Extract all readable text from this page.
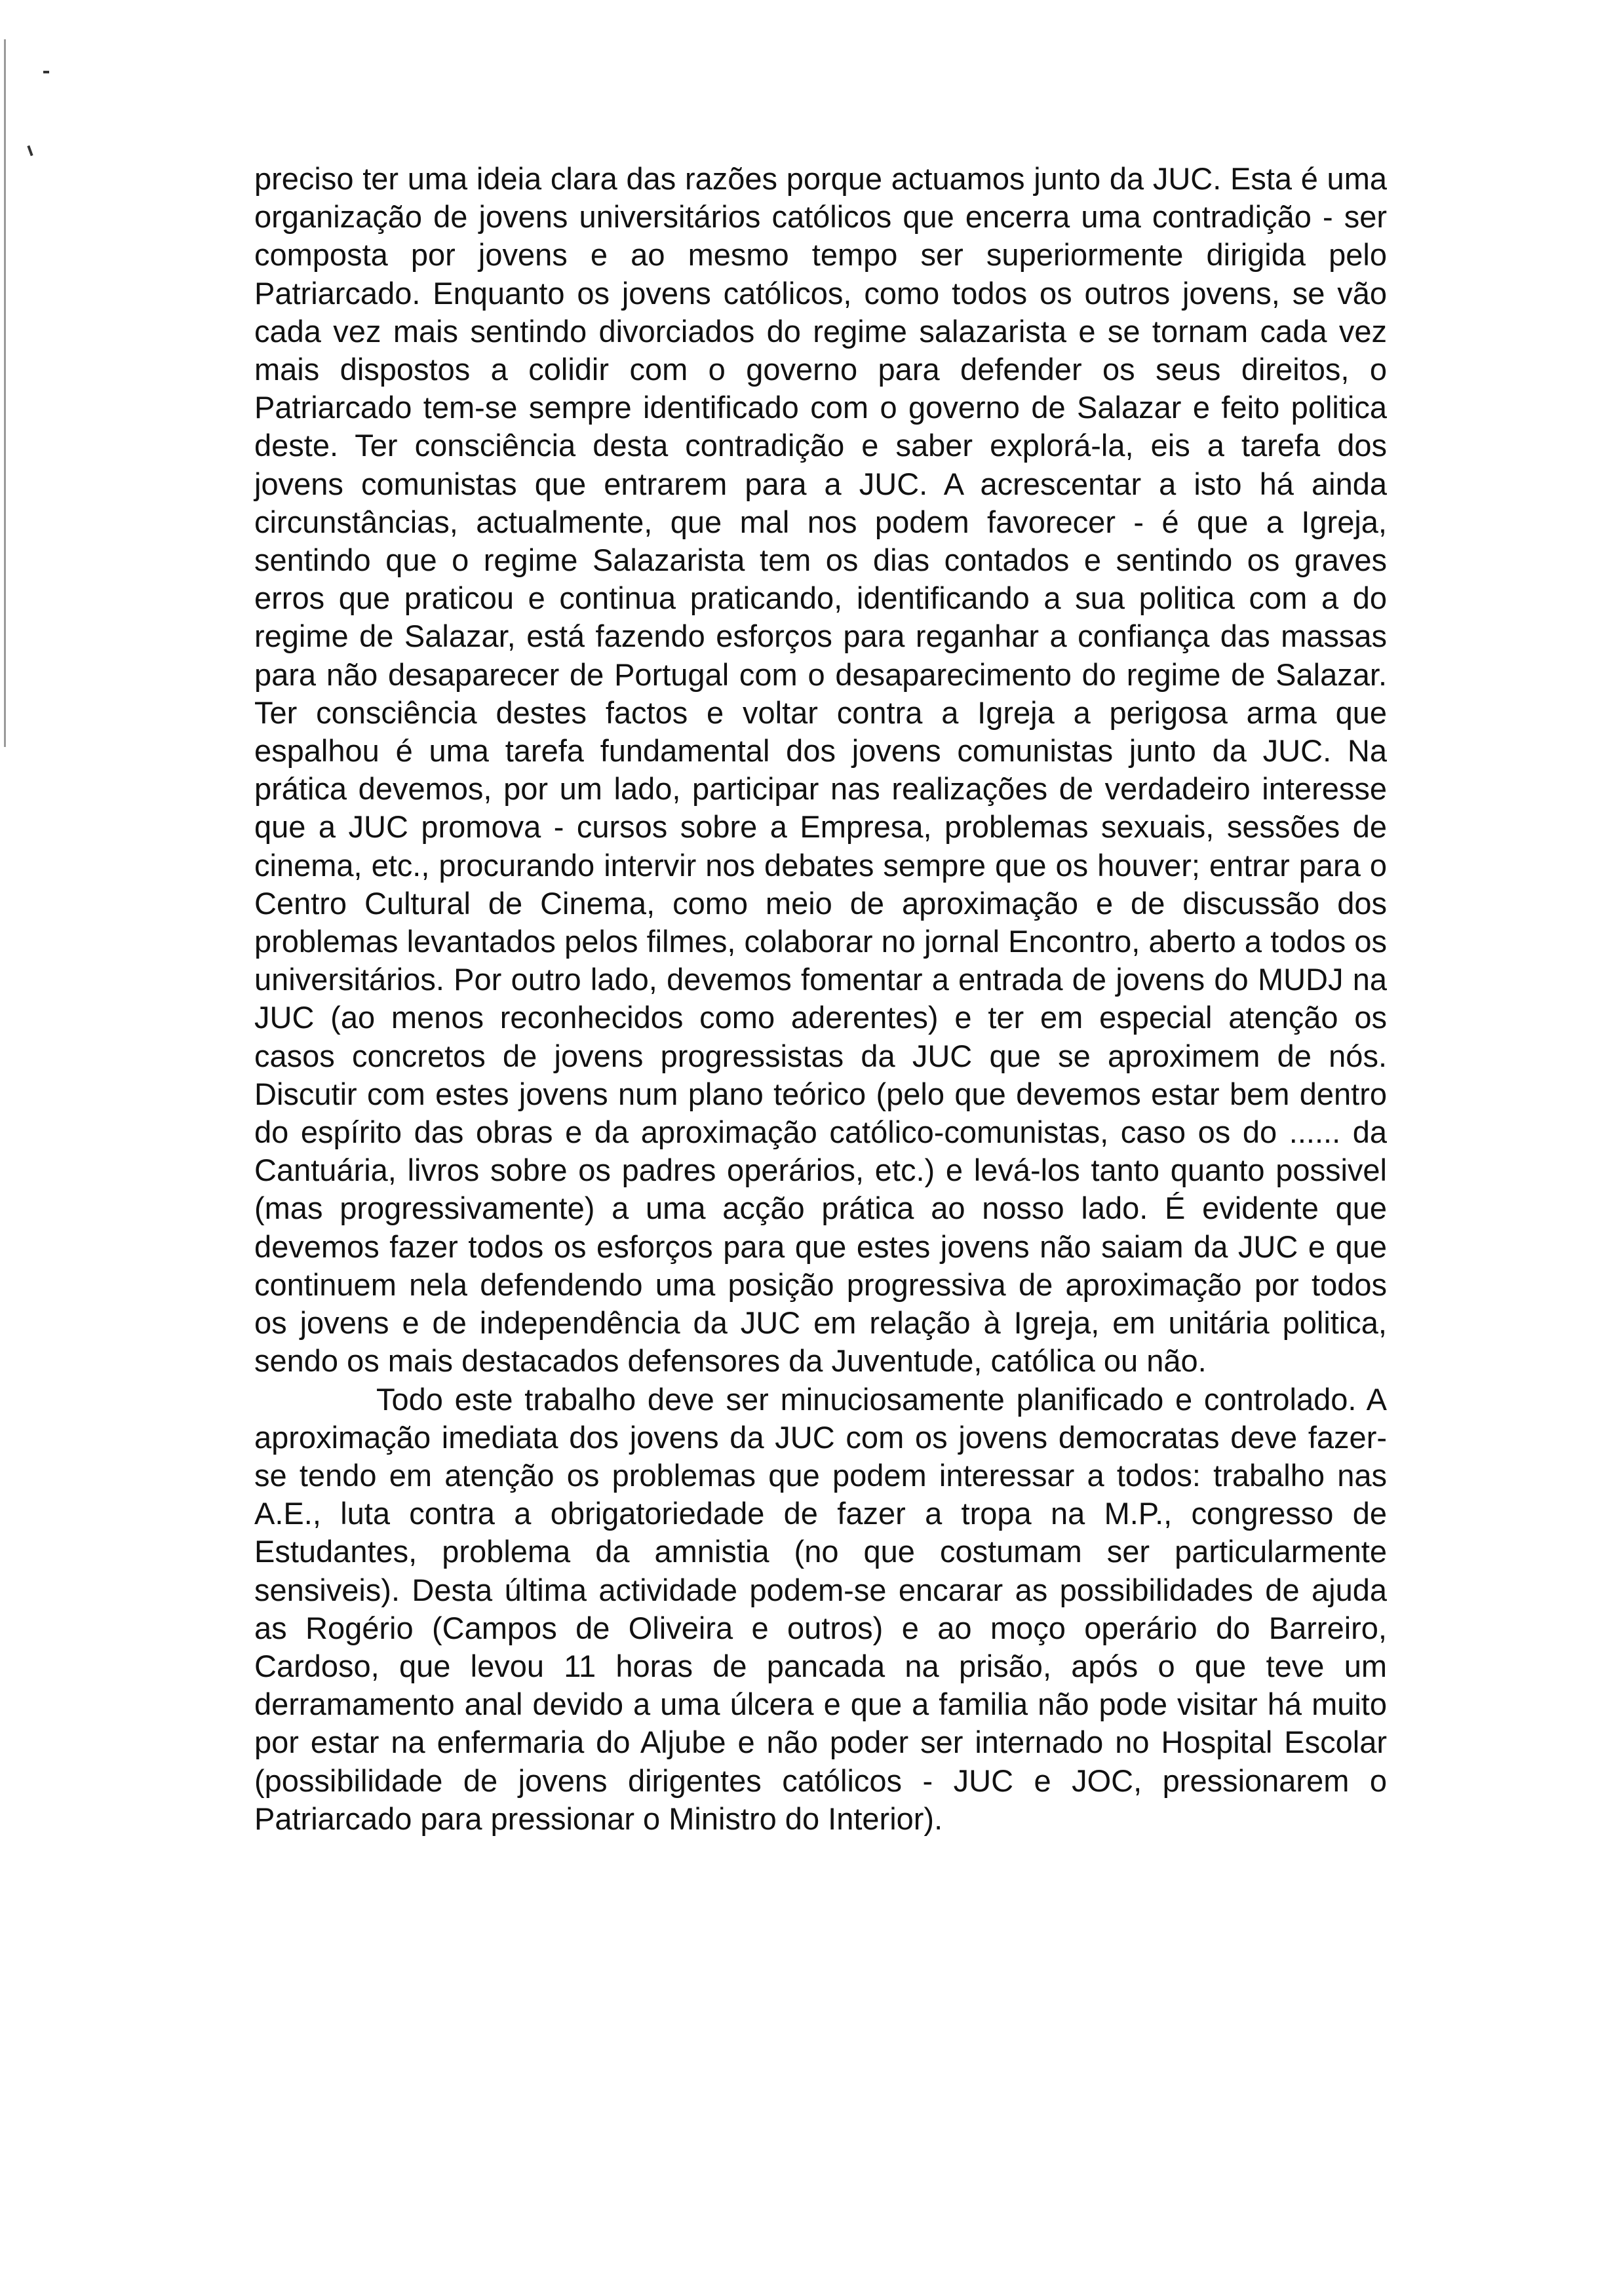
preciso ter uma ideia clara das razões porque actuamos junto da JUC. Esta é uma organização de jovens universitários católicos que encerra uma contradição - ser composta por jovens e ao mesmo tempo ser superiormente dirigida pelo Patriarcado. Enquanto os jovens católicos, como todos os outros jovens, se vão cada vez mais sentindo divorciados do regime salazarista e se tornam cada vez mais dispostos a colidir com o governo para defender os seus direitos, o Patriarcado tem-se sempre identificado com o governo de Salazar e feito politica deste. Ter consciência desta contradição e saber explorá-la, eis a tarefa dos jovens comunistas que entrarem para a JUC. A acrescentar a isto há ainda circunstâncias, actualmente, que mal nos podem favorecer - é que a Igreja, sentindo que o regime Salazarista tem os dias contados e sentindo os graves erros que praticou e continua praticando, identificando a sua politica com a do regime de Salazar, está fazendo esforços para reganhar a confiança das massas para não desaparecer de Portugal com o desaparecimento do regime de Salazar. Ter consciência destes factos e voltar contra a Igreja a perigosa arma que espalhou é uma tarefa fundamental dos jovens comunistas junto da JUC. Na prática devemos, por um lado, participar nas realizações de verdadeiro interesse que a JUC promova - cursos sobre a Empresa, problemas sexuais, sessões de cinema, etc., procurando intervir nos debates sempre que os houver; entrar para o Centro Cultural de Cinema, como meio de aproximação e de discussão dos problemas levantados pelos filmes, colaborar no jornal Encontro, aberto a todos os universitários. Por outro lado, devemos fomentar a entrada de jovens do MUDJ na JUC (ao menos reconhecidos como aderentes) e ter em especial atenção os casos concretos de jovens progressistas da JUC que se aproximem de nós. Discutir com estes jovens num plano teórico (pelo que devemos estar bem dentro do espírito das obras e da aproximação católico-comunistas, caso os do ...... da Cantuária, livros sobre os padres operários, etc.) e levá-los tanto quanto possivel (mas progressivamente) a uma acção prática ao nosso lado. É evidente que devemos fazer todos os esforços para que estes jovens não saiam da JUC e que continuem nela defendendo uma posição progressiva de aproximação por todos os jovens e de independência da JUC em relação à Igreja, em unitária politica, sendo os mais destacados defensores da Juventude, católica ou não.

Todo este trabalho deve ser minuciosamente planificado e controlado. A aproximação imediata dos jovens da JUC com os jovens democratas deve fazer-se tendo em atenção os problemas que podem interessar a todos: trabalho nas A.E., luta contra a obrigatoriedade de fazer a tropa na M.P., congresso de Estudantes, problema da amnistia (no que costumam ser particularmente sensiveis). Desta última actividade podem-se encarar as possibilidades de ajuda as Rogério (Campos de Oliveira e outros) e ao moço operário do Barreiro, Cardoso, que levou 11 horas de pancada na prisão, após o que teve um derramamento anal devido a uma úlcera e que a familia não pode visitar há muito por estar na enfermaria do Aljube e não poder ser internado no Hospital Escolar (possibilidade de jovens dirigentes católicos - JUC e JOC, pressionarem o Patriarcado para pressionar o Ministro do Interior).
